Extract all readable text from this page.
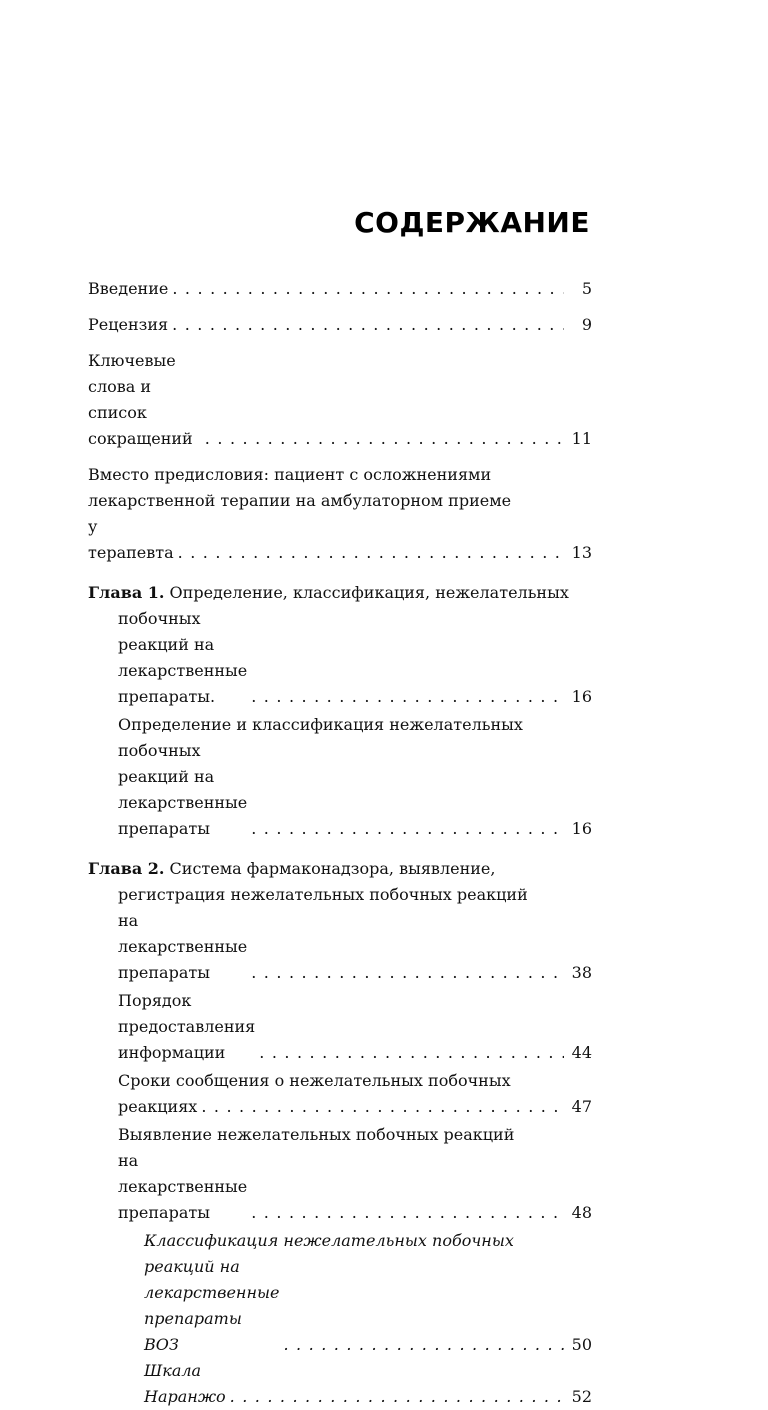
СОДЕРЖАНИЕ
Введение . . .	5
Рецензия . . .	9
Ключевые слова и список сокращений . . .	11
Вместо предисловия: пациент с осложнениями
лекарственной терапии на амбулаторном приеме
у терапевта . . .	13
Глава 1. Определение, классификация, нежелательных
побочных реакций на лекарственные препараты. . . .	16
Определение и классификация нежелательных
побочных реакций на лекарственные препараты . . .	16
Глава 2. Система фармаконадзора, выявление,
регистрация нежелательных побочных реакций
на лекарственные препараты . . .	38
Порядок предоставления информации . . .	44
Сроки сообщения о нежелательных побочных
реакциях . . .	47
Выявление нежелательных побочных реакций
на лекарственные препараты . . .	48
Классификация нежелательных побочных
реакций на лекарственные препараты ВОЗ . . .	50
Шкала Наранжо . . .	52
